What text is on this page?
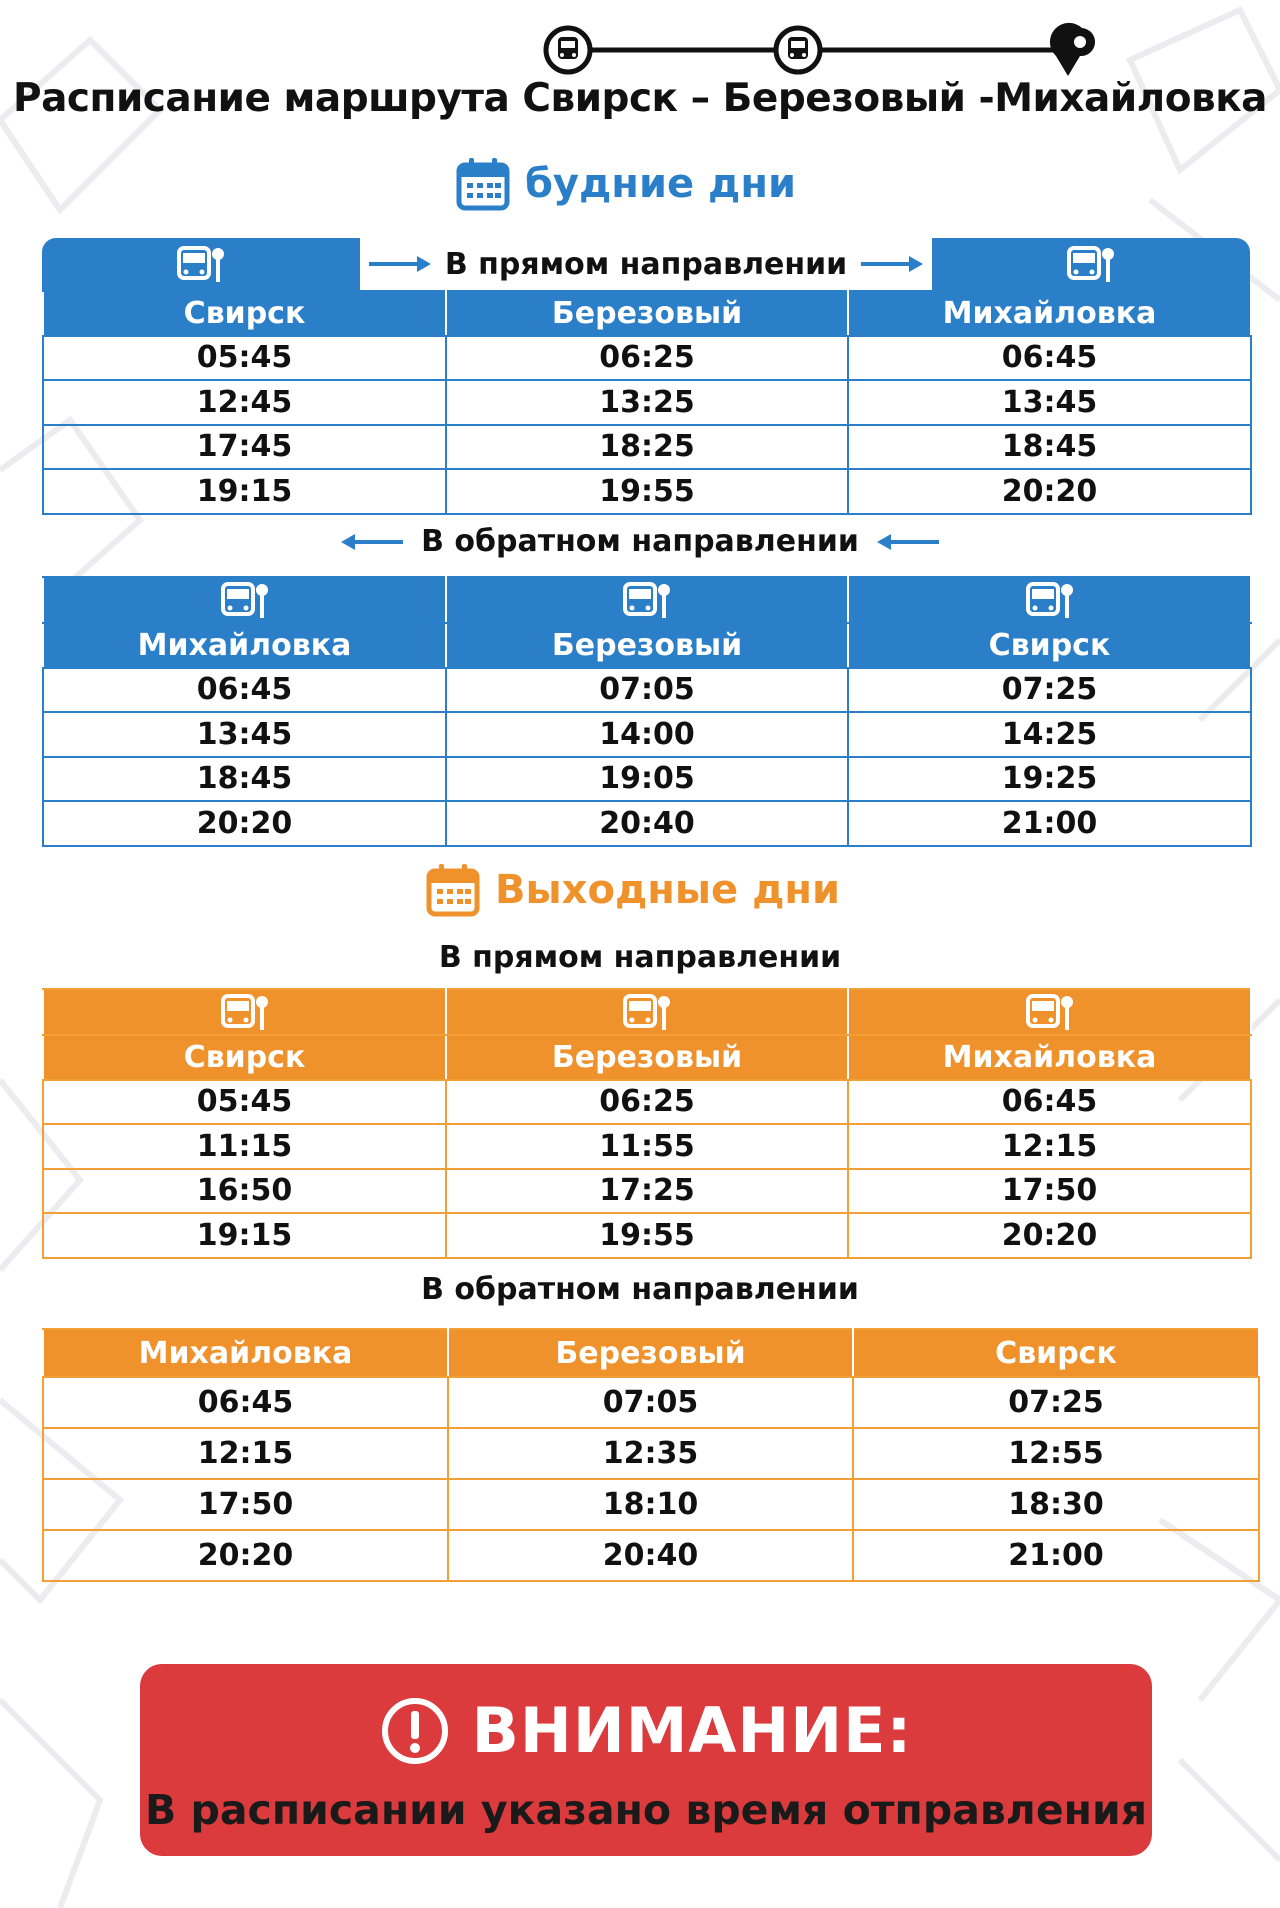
Расписание маршрута Свирск – Березовый -Михайловка
будние дни
В прямом направлении
Свирск	Березовый	Михайловка
05:45	06:25	06:45
12:45	13:25	13:45
17:45	18:25	18:45
19:15	19:55	20:20
В обратном направлении

Михайловка	Березовый	Свирск
06:45	07:05	07:25
13:45	14:00	14:25
18:45	19:05	19:25
20:20	20:40	21:00
Выходные дни
В прямом направлении

Свирск	Березовый	Михайловка
05:45	06:25	06:45
11:15	11:55	12:15
16:50	17:25	17:50
19:15	19:55	20:20
В обратном направлении
Михайловка	Березовый	Свирск
06:45	07:05	07:25
12:15	12:35	12:55
17:50	18:10	18:30
20:20	20:40	21:00
ВНИМАНИЕ:
В расписании указано время отправления
